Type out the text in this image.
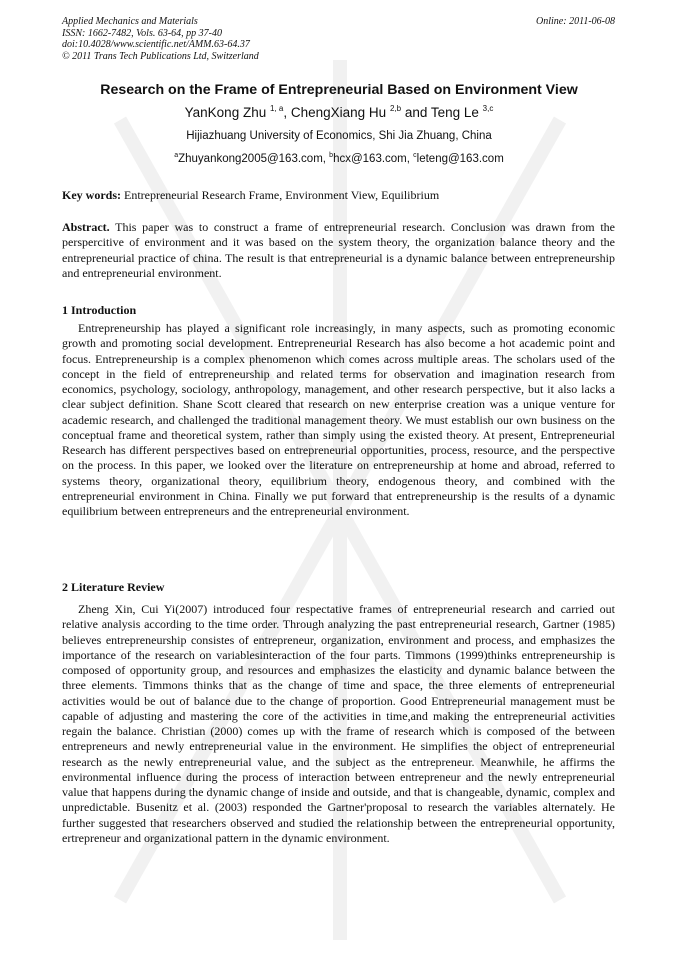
Applied Mechanics and Materials
ISSN: 1662-7482, Vols. 63-64, pp 37-40
doi:10.4028/www.scientific.net/AMM.63-64.37
© 2011 Trans Tech Publications Ltd, Switzerland
Online: 2011-06-08
Research on the Frame of Entrepreneurial Based on Environment View
YanKong Zhu $^{1, a}$, ChengXiang Hu $^{2,b}$ and Teng Le $^{3,c}$
Hijiazhuang University of Economics, Shi Jia Zhuang, China
$^a$Zhuyankong2005@163.com, $^b$hcx@163.com, $^c$leteng@163.com
Key words: Entrepreneurial Research Frame, Environment View, Equilibrium
Abstract. This paper was to construct a frame of entrepreneurial research. Conclusion was drawn from the perspercitive of environment and it was based on the system theory, the organization balance theory and the entrepreneurial practice of china. The result is that entrepreneurial is a dynamic balance between entrepreneurship and entrepreneurial environment.
1 Introduction
Entrepreneurship has played a significant role increasingly, in many aspects, such as promoting economic growth and promoting social development. Entrepreneurial Research has also become a hot academic point and focus. Entrepreneurship is a complex phenomenon which comes across multiple areas. The scholars used of the concept in the field of entrepreneurship and related terms for observation and imagination research from economics, psychology, sociology, anthropology, management, and other research perspective, but it also lacks a clear subject definition. Shane Scott cleared that research on new enterprise creation was a unique venture for academic research, and challenged the traditional management theory. We must establish our own business on the conceptual frame and theoretical system, rather than simply using the existed theory. At present, Entrepreneurial Research has different perspectives based on entrepreneurial opportunities, process, resource, and the perspective on the process. In this paper, we looked over the literature on entrepreneurship at home and abroad, referred to systems theory, organizational theory, equilibrium theory, endogenous theory, and combined with the entrepreneurial environment in China. Finally we put forward that entrepreneurship is the results of a dynamic equilibrium between entrepreneurs and the entrepreneurial environment.
2 Literature Review
Zheng Xin, Cui Yi(2007) introduced four respectative frames of entrepreneurial research and carried out relative analysis according to the time order. Through analyzing the past entrepreneurial research, Gartner (1985) believes entrepreneurship consistes of entrepreneur, organization, environment and process, and emphasizes the importance of the research on variablesinteraction of the four parts. Timmons (1999)thinks entrepreneurship is composed of opportunity group, and resources and emphasizes the elasticity and dynamic balance between the three elements. Timmons thinks that as the change of time and space, the three elements of entrepreneurial activities would be out of balance due to the change of proportion. Good Entrepreneurial management must be capable of adjusting and mastering the core of the activities in time,and making the entrepreneurial activities regain the balance. Christian (2000) comes up with the frame of research which is composed of the between entrepreneurs and newly entrepreneurial value in the environment. He simplifies the object of entrepreneurial research as the newly entrepreneurial value, and the subject as the entrepreneur. Meanwhile, he affirms the environmental influence during the process of interaction between entrepreneur and the newly entrepreneurial value that happens during the dynamic change of inside and outside, and that is changeable, dynamic, complex and unpredictable. Busenitz et al. (2003) responded the Gartner'proposal to research the variables alternately. He further suggested that researchers observed and studied the relationship between the entrepreneurial opportunity, ertrepreneur and organizational pattern in the dynamic environment.
